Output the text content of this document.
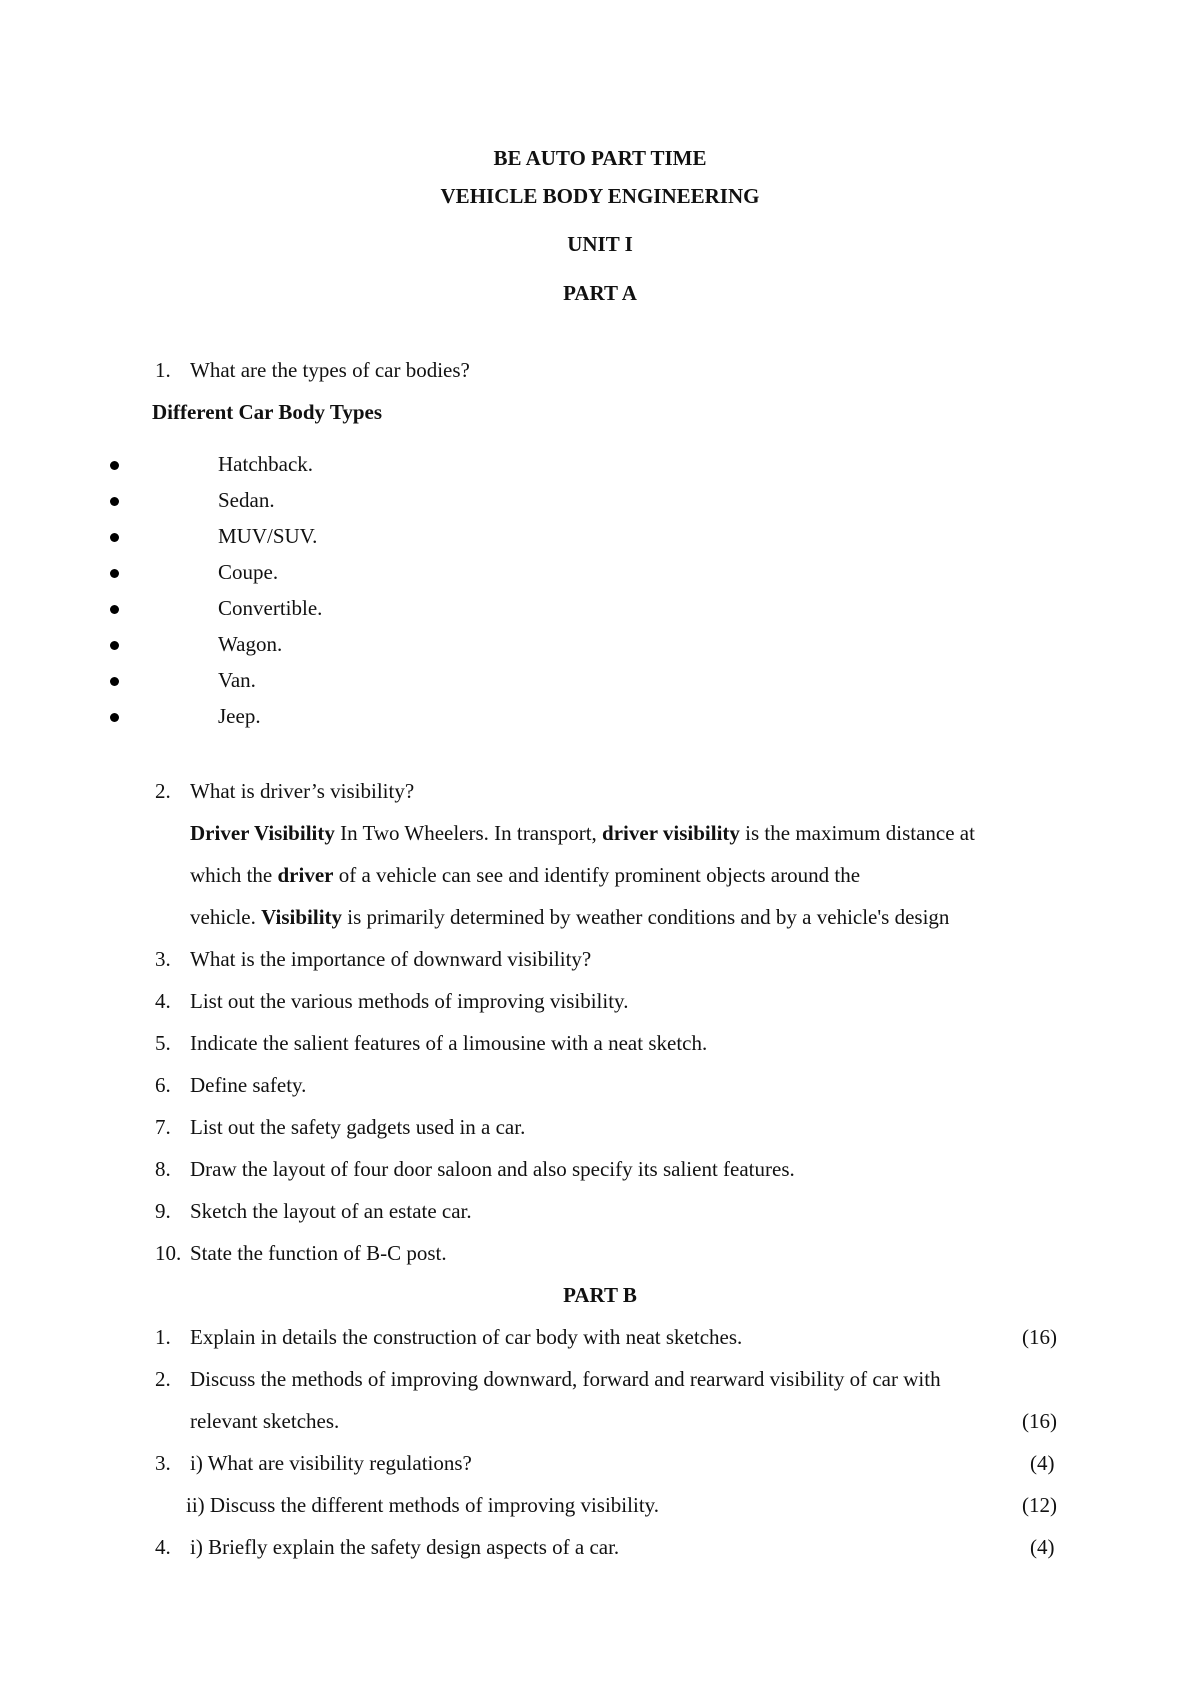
BE AUTO PART TIME
VEHICLE BODY ENGINEERING
UNIT I
PART A
1. What are the types of car bodies?
Different Car Body Types
Hatchback.
Sedan.
MUV/SUV.
Coupe.
Convertible.
Wagon.
Van.
Jeep.
2. What is driver’s visibility?
Driver Visibility In Two Wheelers. In transport, driver visibility is the maximum distance at
which the driver of a vehicle can see and identify prominent objects around the
vehicle. Visibility is primarily determined by weather conditions and by a vehicle's design
3. What is the importance of downward visibility?
4. List out the various methods of improving visibility.
5. Indicate the salient features of a limousine with a neat sketch.
6. Define safety.
7. List out the safety gadgets used in a car.
8. Draw the layout of four door saloon and also specify its salient features.
9. Sketch the layout of an estate car.
10. State the function of B-C post.
PART B
1. Explain in details the construction of car body with neat sketches.	(16)
2. Discuss the methods of improving downward, forward and rearward visibility of car with
relevant sketches.	(16)
3. i) What are visibility regulations?	(4)
ii) Discuss the different methods of improving visibility.	(12)
4. i) Briefly explain the safety design aspects of a car.	(4)
